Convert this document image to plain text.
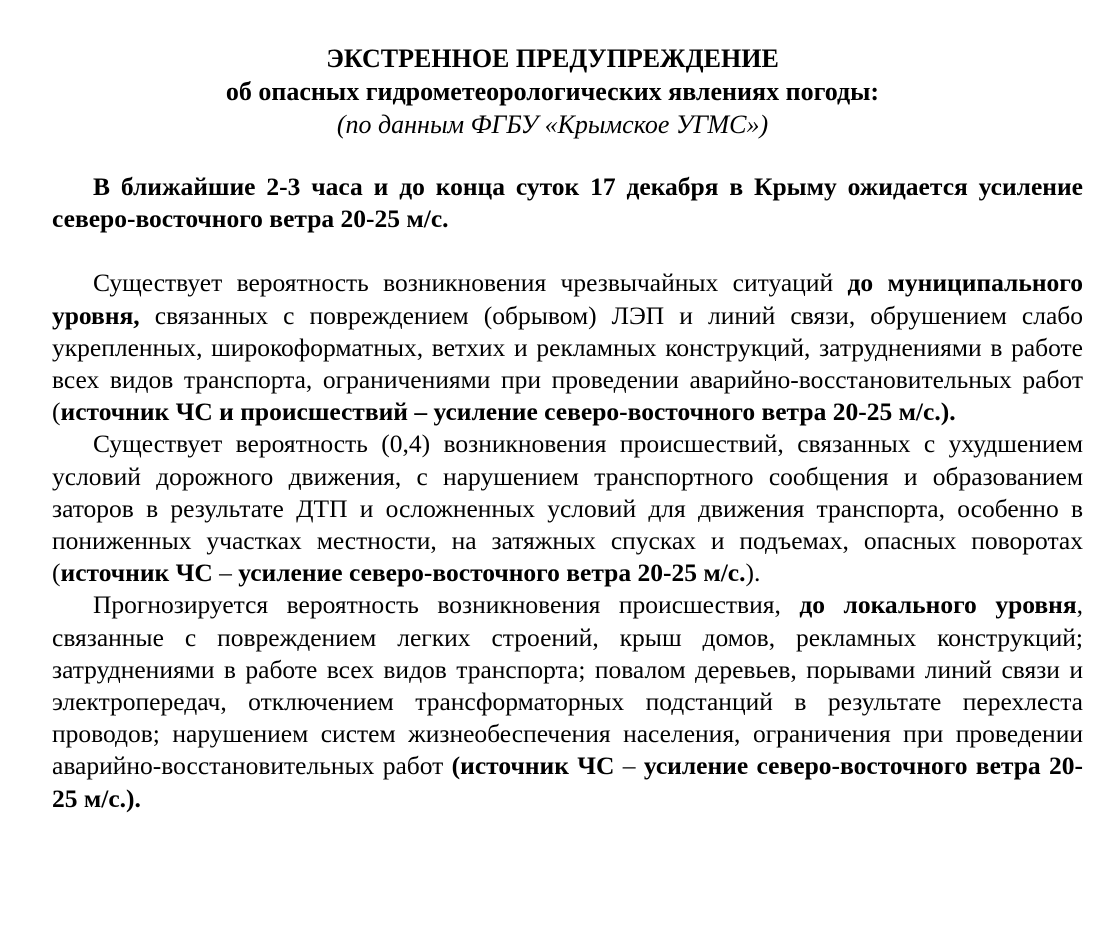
ЭКСТРЕННОЕ ПРЕДУПРЕЖДЕНИЕ
об опасных гидрометеорологических явлениях погоды:
(по данным ФГБУ «Крымское УГМС»)

В ближайшие 2-3 часа и до конца суток 17 декабря в Крыму ожидается усиление северо-восточного ветра 20-25 м/с.

Существует вероятность возникновения чрезвычайных ситуаций до муниципального уровня, связанных с повреждением (обрывом) ЛЭП и линий связи, обрушением слабо укрепленных, широкоформатных, ветхих и рекламных конструкций, затруднениями в работе всех видов транспорта, ограничениями при проведении аварийно-восстановительных работ (источник ЧС и происшествий – усиление северо-восточного ветра 20-25 м/с.).

Существует вероятность (0,4) возникновения происшествий, связанных с ухудшением условий дорожного движения, с нарушением транспортного сообщения и образованием заторов в результате ДТП и осложненных условий для движения транспорта, особенно в пониженных участках местности, на затяжных спусках и подъемах, опасных поворотах (источник ЧС – усиление северо-восточного ветра 20-25 м/с.).

Прогнозируется вероятность возникновения происшествия, до локального уровня, связанные с повреждением легких строений, крыш домов, рекламных конструкций; затруднениями в работе всех видов транспорта; повалом деревьев, порывами линий связи и электропередач, отключением трансформаторных подстанций в результате перехлеста проводов; нарушением систем жизнеобеспечения населения, ограничения при проведении аварийно-восстановительных работ (источник ЧС – усиление северо-восточного ветра 20-25 м/с.).
